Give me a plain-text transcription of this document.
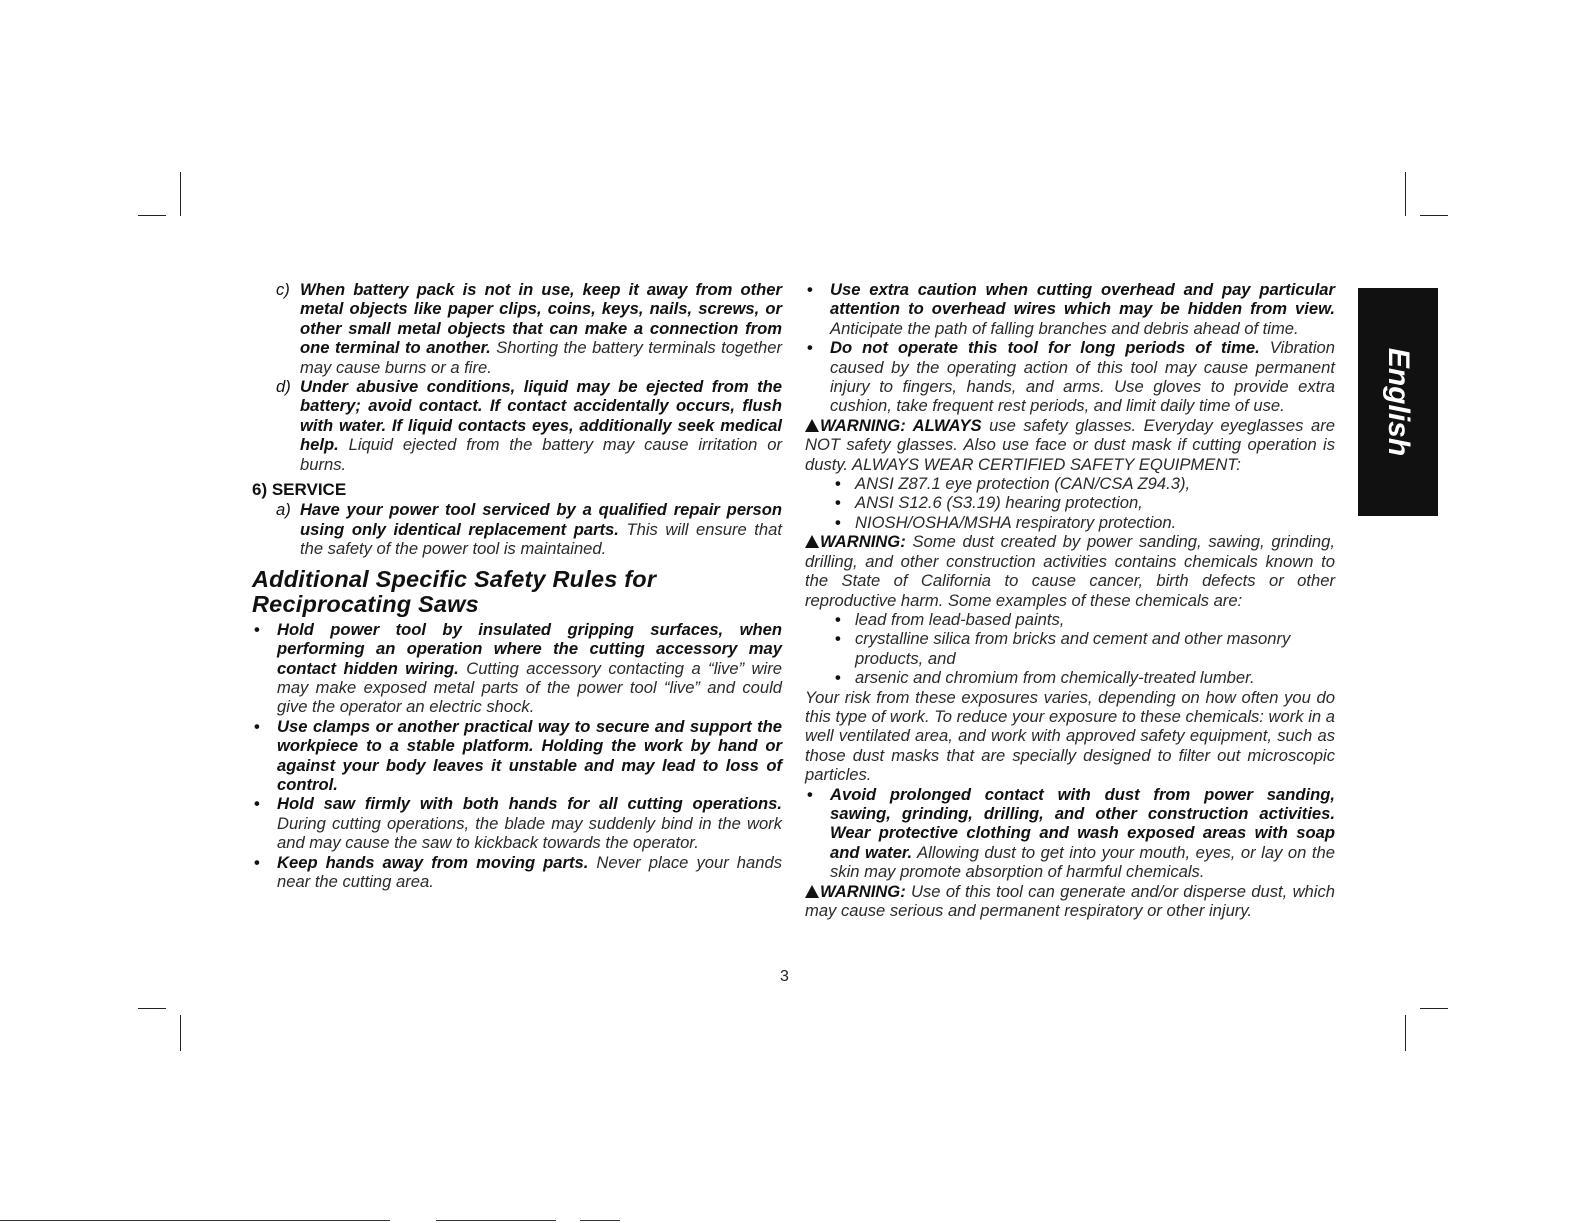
c) When battery pack is not in use, keep it away from other metal objects like paper clips, coins, keys, nails, screws, or other small metal objects that can make a connection from one terminal to another. Shorting the battery terminals together may cause burns or a fire.

d) Under abusive conditions, liquid may be ejected from the battery; avoid contact. If contact accidentally occurs, flush with water. If liquid contacts eyes, additionally seek medical help. Liquid ejected from the battery may cause irritation or burns.

6) SERVICE

a) Have your power tool serviced by a qualified repair person using only identical replacement parts. This will ensure that the safety of the power tool is maintained.

Additional Specific Safety Rules for Reciprocating Saws

• Hold power tool by insulated gripping surfaces, when performing an operation where the cutting accessory may contact hidden wiring. Cutting accessory contacting a “live” wire may make exposed metal parts of the power tool “live” and could give the operator an electric shock.

• Use clamps or another practical way to secure and support the workpiece to a stable platform. Holding the work by hand or against your body leaves it unstable and may lead to loss of control.

• Hold saw firmly with both hands for all cutting operations. During cutting operations, the blade may suddenly bind in the work and may cause the saw to kickback towards the operator.

• Keep hands away from moving parts. Never place your hands near the cutting area.

• Use extra caution when cutting overhead and pay particular attention to overhead wires which may be hidden from view. Anticipate the path of falling branches and debris ahead of time.

• Do not operate this tool for long periods of time. Vibration caused by the operating action of this tool may cause permanent injury to fingers, hands, and arms. Use gloves to provide extra cushion, take frequent rest periods, and limit daily time of use.

WARNING: ALWAYS use safety glasses. Everyday eyeglasses are NOT safety glasses. Also use face or dust mask if cutting operation is dusty. ALWAYS WEAR CERTIFIED SAFETY EQUIPMENT:

• ANSI Z87.1 eye protection (CAN/CSA Z94.3),

• ANSI S12.6 (S3.19) hearing protection,

• NIOSH/OSHA/MSHA respiratory protection.

WARNING: Some dust created by power sanding, sawing, grinding, drilling, and other construction activities contains chemicals known to the State of California to cause cancer, birth defects or other reproductive harm. Some examples of these chemicals are:

• lead from lead-based paints,

• crystalline silica from bricks and cement and other masonry products, and

• arsenic and chromium from chemically-treated lumber.

Your risk from these exposures varies, depending on how often you do this type of work. To reduce your exposure to these chemicals: work in a well ventilated area, and work with approved safety equipment, such as those dust masks that are specially designed to filter out microscopic particles.

• Avoid prolonged contact with dust from power sanding, sawing, grinding, drilling, and other construction activities. Wear protective clothing and wash exposed areas with soap and water. Allowing dust to get into your mouth, eyes, or lay on the skin may promote absorption of harmful chemicals.

WARNING: Use of this tool can generate and/or disperse dust, which may cause serious and permanent respiratory or other injury.

English
3
